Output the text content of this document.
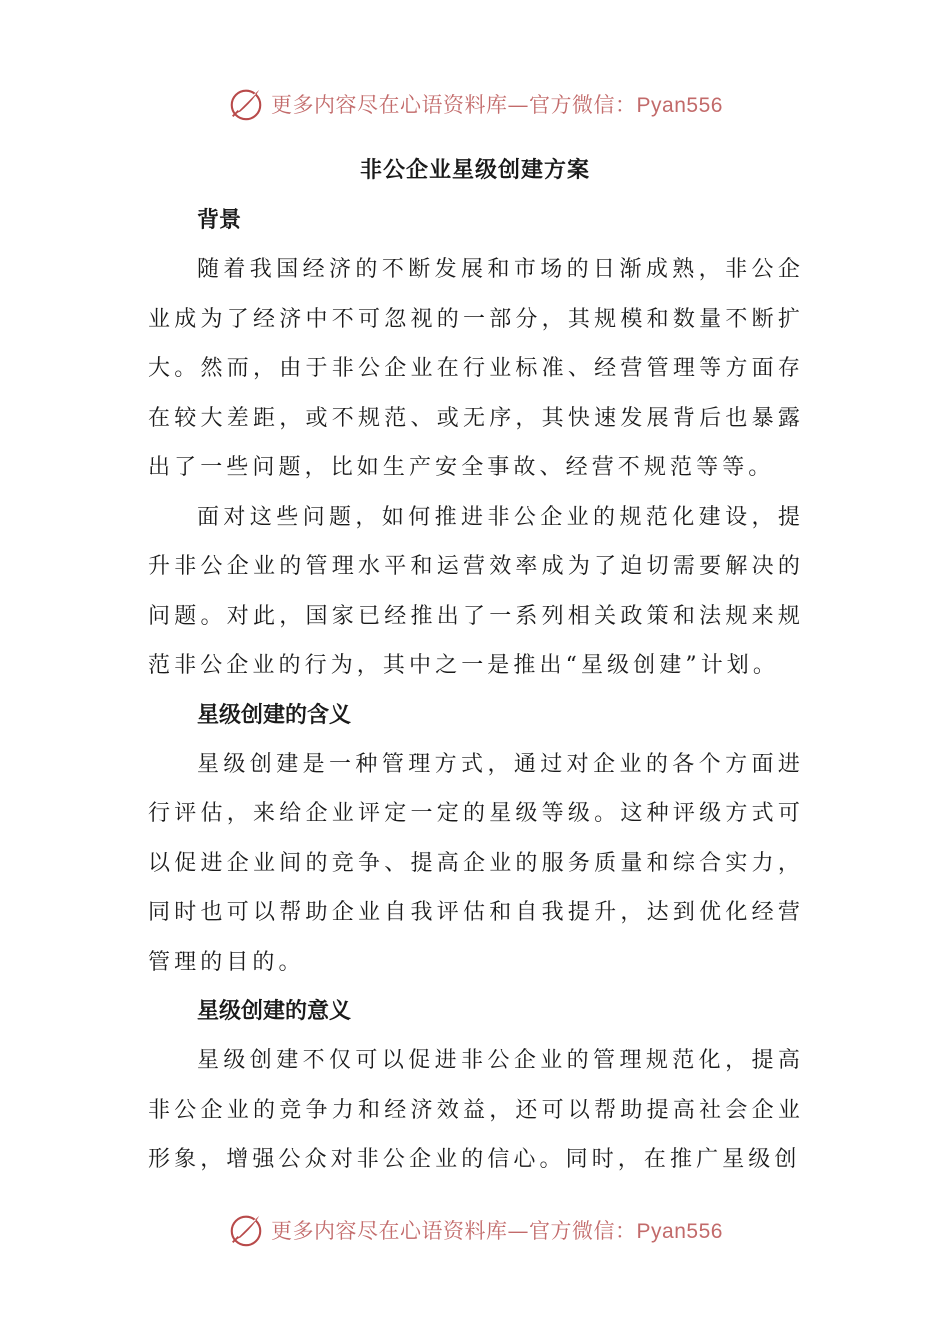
更多内容尽在心语资料库—官方微信：Pyan556
非公企业星级创建方案
背景

随着我国经济的不断发展和市场的日渐成熟，非公企业成为了经济中不可忽视的一部分，其规模和数量不断扩大。然而，由于非公企业在行业标准、经营管理等方面存在较大差距，或不规范、或无序，其快速发展背后也暴露出了一些问题，比如生产安全事故、经营不规范等等。

面对这些问题，如何推进非公企业的规范化建设，提升非公企业的管理水平和运营效率成为了迫切需要解决的问题。对此，国家已经推出了一系列相关政策和法规来规范非公企业的行为，其中之一是推出“星级创建”计划。

星级创建的含义

星级创建是一种管理方式，通过对企业的各个方面进行评估，来给企业评定一定的星级等级。这种评级方式可以促进企业间的竞争、提高企业的服务质量和综合实力，同时也可以帮助企业自我评估和自我提升，达到优化经营管理的目的。

星级创建的意义

星级创建不仅可以促进非公企业的管理规范化，提高非公企业的竞争力和经济效益，还可以帮助提高社会企业形象，增强公众对非公企业的信心。同时，在推广星级创

更多内容尽在心语资料库—官方微信：Pyan556
